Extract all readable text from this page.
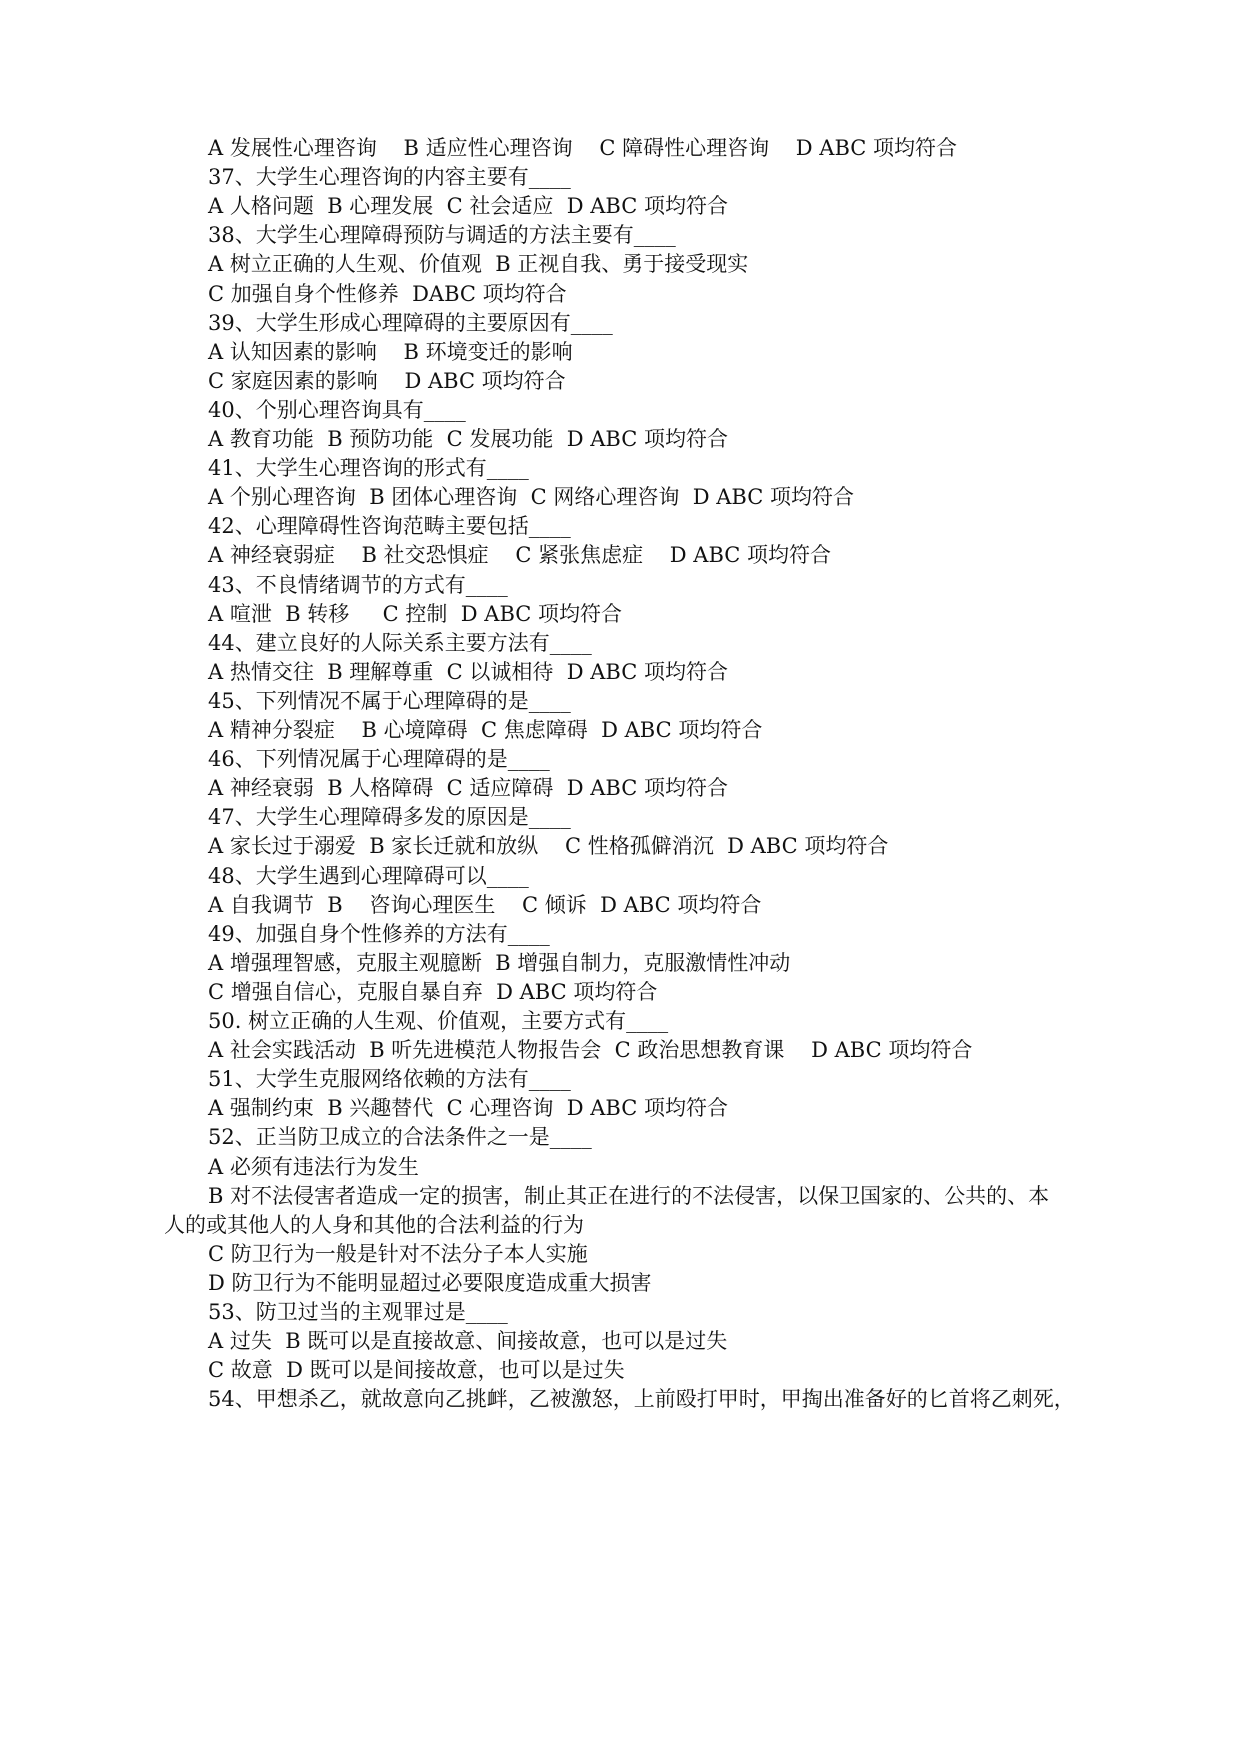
A 发展性心理咨询    B 适应性心理咨询    C 障碍性心理咨询    D ABC 项均符合
37、大学生心理咨询的内容主要有____
A 人格问题  B 心理发展  C 社会适应  D ABC 项均符合
38、大学生心理障碍预防与调适的方法主要有____
A 树立正确的人生观、价值观  B 正视自我、勇于接受现实
C 加强自身个性修养  DABC 项均符合
39、大学生形成心理障碍的主要原因有____
A 认知因素的影响    B 环境变迁的影响
C 家庭因素的影响    D ABC 项均符合
40、个别心理咨询具有____
A 教育功能  B 预防功能  C 发展功能  D ABC 项均符合
41、大学生心理咨询的形式有____
A 个别心理咨询  B 团体心理咨询  C 网络心理咨询  D ABC 项均符合
42、心理障碍性咨询范畴主要包括____
A 神经衰弱症    B 社交恐惧症    C 紧张焦虑症    D ABC 项均符合
43、不良情绪调节的方式有____
A 喧泄  B 转移     C 控制  D ABC 项均符合
44、建立良好的人际关系主要方法有____
A 热情交往  B 理解尊重  C 以诚相待  D ABC 项均符合
45、下列情况不属于心理障碍的是____
A 精神分裂症    B 心境障碍  C 焦虑障碍  D ABC 项均符合
46、下列情况属于心理障碍的是____
A 神经衰弱  B 人格障碍  C 适应障碍  D ABC 项均符合
47、大学生心理障碍多发的原因是____
A 家长过于溺爱  B 家长迁就和放纵    C 性格孤僻消沉  D ABC 项均符合
48、大学生遇到心理障碍可以____
A 自我调节  B    咨询心理医生    C 倾诉  D ABC 项均符合
49、加强自身个性修养的方法有____
A 增强理智感，克服主观臆断  B 增强自制力，克服激情性冲动
C 增强自信心，克服自暴自弃  D ABC 项均符合
50. 树立正确的人生观、价值观，主要方式有____
A 社会实践活动  B 听先进模范人物报告会  C 政治思想教育课    D ABC 项均符合
51、大学生克服网络依赖的方法有____
A 强制约束  B 兴趣替代  C 心理咨询  D ABC 项均符合
52、正当防卫成立的合法条件之一是____
A 必须有违法行为发生
B 对不法侵害者造成一定的损害，制止其正在进行的不法侵害，以保卫国家的、公共的、本
人的或其他人的人身和其他的合法利益的行为
C 防卫行为一般是针对不法分子本人实施
D 防卫行为不能明显超过必要限度造成重大损害
53、防卫过当的主观罪过是____
A 过失  B 既可以是直接故意、间接故意，也可以是过失
C 故意  D 既可以是间接故意，也可以是过失
54、甲想杀乙，就故意向乙挑衅，乙被激怒，上前殴打甲时，甲掏出准备好的匕首将乙刺死，
